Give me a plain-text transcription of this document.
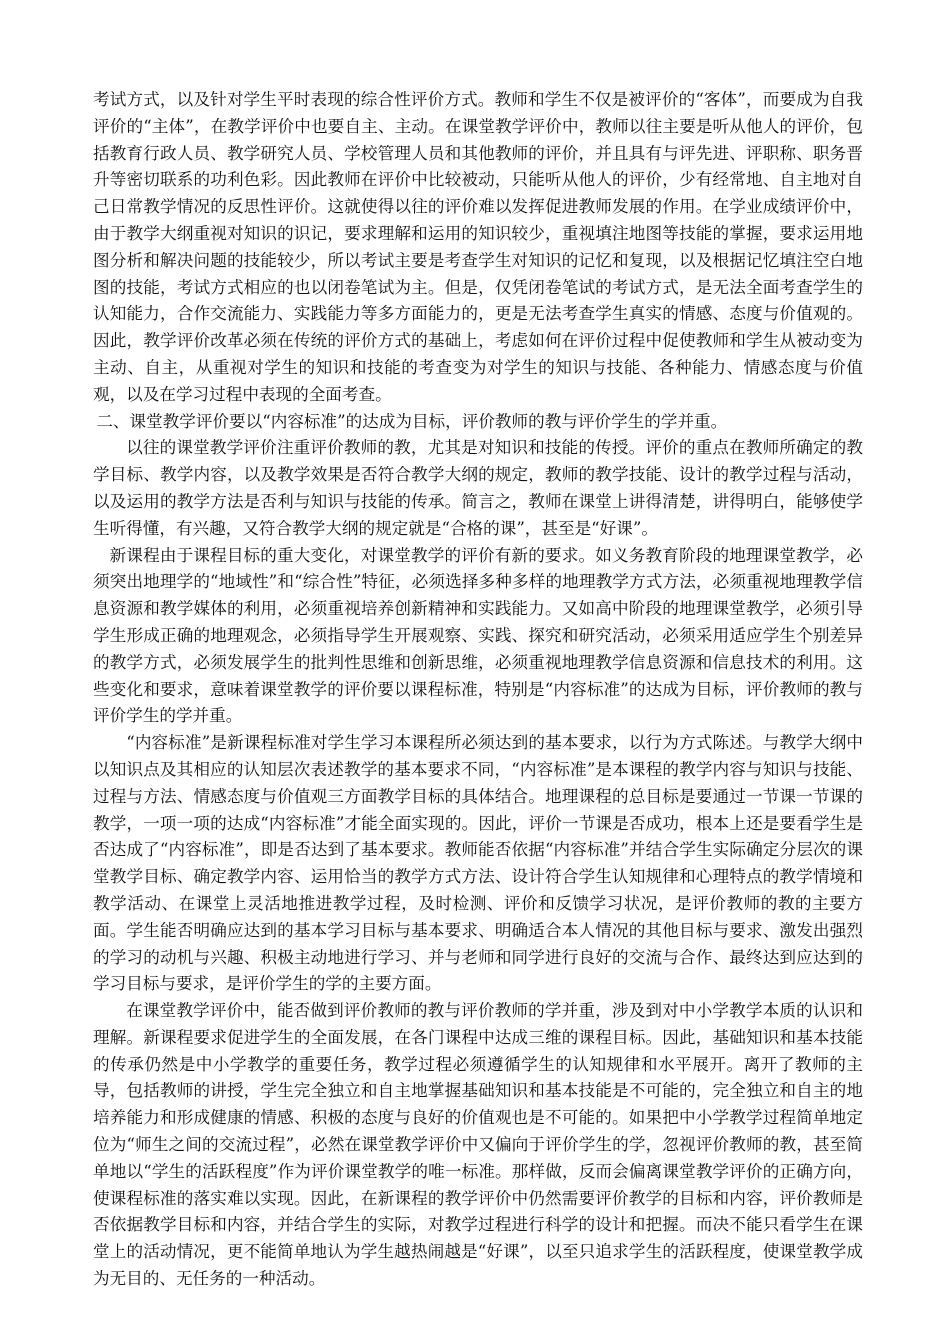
考试方式，以及针对学生平时表现的综合性评价方式。教师和学生不仅是被评价的“客体”，而要成为自我评价的“主体”，在教学评价中也要自主、主动。在课堂教学评价中，教师以往主要是听从他人的评价，包括教育行政人员、教学研究人员、学校管理人员和其他教师的评价，并且具有与评先进、评职称、职务晋升等密切联系的功利色彩。因此教师在评价中比较被动，只能听从他人的评价，少有经常地、自主地对自己日常教学情况的反思性评价。这就使得以往的评价难以发挥促进教师发展的作用。在学业成绩评价中，由于教学大纲重视对知识的识记，要求理解和运用的知识较少，重视填注地图等技能的掌握，要求运用地图分析和解决问题的技能较少，所以考试主要是考查学生对知识的记忆和复现，以及根据记忆填注空白地图的技能，考试方式相应的也以闭卷笔试为主。但是，仅凭闭卷笔试的考试方式，是无法全面考查学生的认知能力，合作交流能力、实践能力等多方面能力的，更是无法考查学生真实的情感、态度与价值观的。因此，教学评价改革必须在传统的评价方式的基础上，考虑如何在评价过程中促使教师和学生从被动变为主动、自主，从重视对学生的知识和技能的考查变为对学生的知识与技能、各种能力、情感态度与价值观，以及在学习过程中表现的全面考查。

二、课堂教学评价要以“内容标准”的达成为目标，评价教师的教与评价学生的学并重。

以往的课堂教学评价注重评价教师的教，尤其是对知识和技能的传授。评价的重点在教师所确定的教学目标、教学内容，以及教学效果是否符合教学大纲的规定，教师的教学技能、设计的教学过程与活动，以及运用的教学方法是否利与知识与技能的传承。简言之，教师在课堂上讲得清楚，讲得明白，能够使学生听得懂，有兴趣，又符合教学大纲的规定就是“合格的课”，甚至是“好课”。

新课程由于课程目标的重大变化，对课堂教学的评价有新的要求。如义务教育阶段的地理课堂教学，必须突出地理学的“地域性”和“综合性”特征，必须选择多种多样的地理教学方式方法，必须重视地理教学信息资源和教学媒体的利用，必须重视培养创新精神和实践能力。又如高中阶段的地理课堂教学，必须引导学生形成正确的地理观念，必须指导学生开展观察、实践、探究和研究活动，必须采用适应学生个别差异的教学方式，必须发展学生的批判性思维和创新思维，必须重视地理教学信息资源和信息技术的利用。这些变化和要求，意味着课堂教学的评价要以课程标准，特别是“内容标准”的达成为目标，评价教师的教与评价学生的学并重。

“内容标准”是新课程标准对学生学习本课程所必须达到的基本要求，以行为方式陈述。与教学大纲中以知识点及其相应的认知层次表述教学的基本要求不同，“内容标准”是本课程的教学内容与知识与技能、过程与方法、情感态度与价值观三方面教学目标的具体结合。地理课程的总目标是要通过一节课一节课的教学，一项一项的达成“内容标准”才能全面实现的。因此，评价一节课是否成功，根本上还是要看学生是否达成了“内容标准”，即是否达到了基本要求。教师能否依据“内容标准”并结合学生实际确定分层次的课堂教学目标、确定教学内容、运用恰当的教学方式方法、设计符合学生认知规律和心理特点的教学情境和教学活动、在课堂上灵活地推进教学过程，及时检测、评价和反馈学习状况，是评价教师的教的主要方面。学生能否明确应达到的基本学习目标与基本要求、明确适合本人情况的其他目标与要求、激发出强烈的学习的动机与兴趣、积极主动地进行学习、并与老师和同学进行良好的交流与合作、最终达到应达到的学习目标与要求，是评价学生的学的主要方面。

在课堂教学评价中，能否做到评价教师的教与评价教师的学并重，涉及到对中小学教学本质的认识和理解。新课程要求促进学生的全面发展，在各门课程中达成三维的课程目标。因此，基础知识和基本技能的传承仍然是中小学教学的重要任务，教学过程必须遵循学生的认知规律和水平展开。离开了教师的主导，包括教师的讲授，学生完全独立和自主地掌握基础知识和基本技能是不可能的，完全独立和自主的地培养能力和形成健康的情感、积极的态度与良好的价值观也是不可能的。如果把中小学教学过程简单地定位为“师生之间的交流过程”，必然在课堂教学评价中又偏向于评价学生的学，忽视评价教师的教，甚至简单地以“学生的活跃程度”作为评价课堂教学的唯一标准。那样做，反而会偏离课堂教学评价的正确方向，使课程标准的落实难以实现。因此，在新课程的教学评价中仍然需要评价教学的目标和内容，评价教师是否依据教学目标和内容，并结合学生的实际，对教学过程进行科学的设计和把握。而决不能只看学生在课堂上的活动情况，更不能简单地认为学生越热闹越是“好课”，以至只追求学生的活跃程度，使课堂教学成为无目的、无任务的一种活动。
